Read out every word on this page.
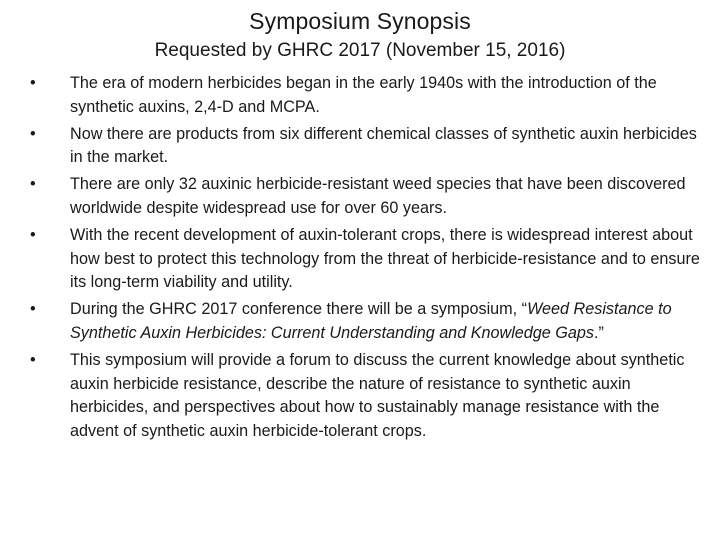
Symposium Synopsis
Requested by GHRC 2017 (November 15, 2016)
•	The era of modern herbicides began in the early 1940s with the introduction of the synthetic auxins, 2,4-D and MCPA.
•	Now there are products from six different chemical classes of synthetic auxin herbicides in the market.
•	There are only 32 auxinic herbicide-resistant weed species that have been discovered worldwide despite widespread use for over 60 years.
•	With the recent development of auxin-tolerant crops, there is widespread interest about how best to protect this technology from the threat of herbicide-resistance and to ensure its long-term viability and utility.
•	During the GHRC 2017 conference there will be a symposium, “Weed Resistance to Synthetic Auxin Herbicides: Current Understanding and Knowledge Gaps.”
•	This symposium will provide a forum to discuss the current knowledge about synthetic auxin herbicide resistance, describe the nature of resistance to synthetic auxin herbicides, and perspectives about how to sustainably manage resistance with the advent of synthetic auxin herbicide-tolerant crops.
